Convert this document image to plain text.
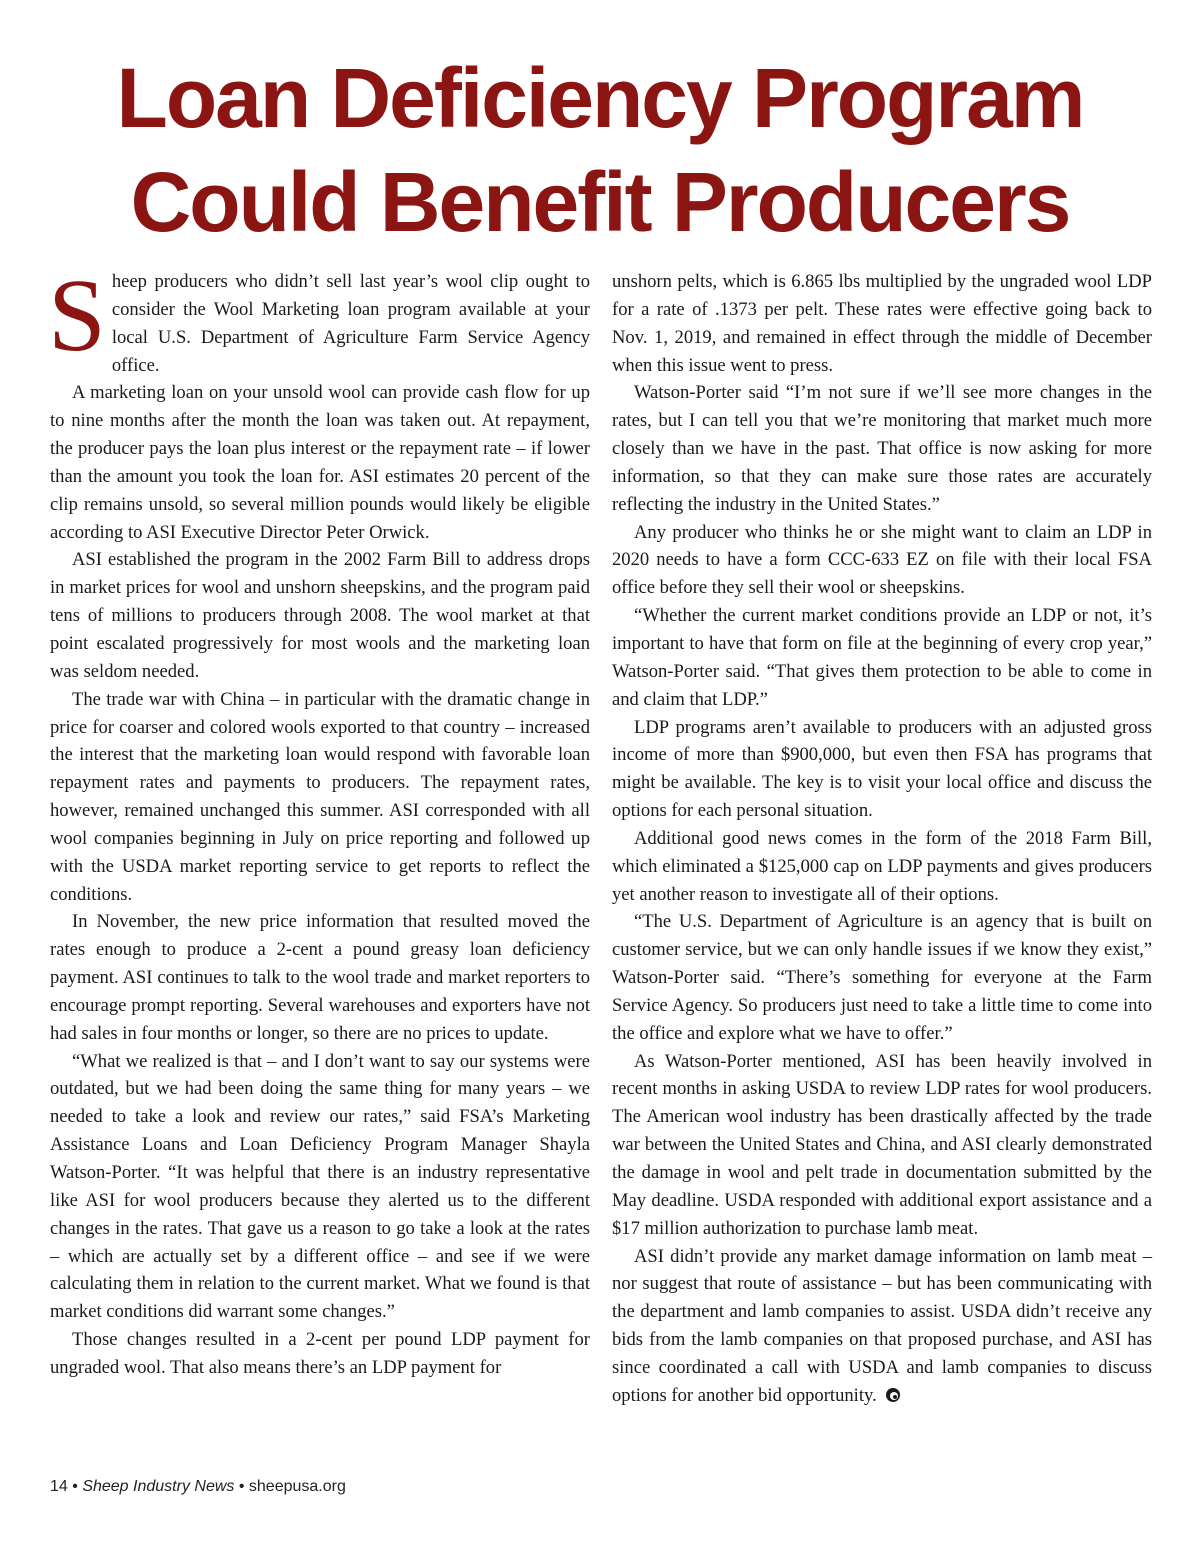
Loan Deficiency Program
Could Benefit Producers

Sheep producers who didn’t sell last year’s wool clip ought to consider the Wool Marketing loan program available at your local U.S. Department of Agriculture Farm Service Agency office.

A marketing loan on your unsold wool can provide cash flow for up to nine months after the month the loan was taken out. At repayment, the producer pays the loan plus interest or the repayment rate – if lower than the amount you took the loan for. ASI estimates 20 percent of the clip remains unsold, so several million pounds would likely be eligible according to ASI Executive Director Peter Orwick.

ASI established the program in the 2002 Farm Bill to address drops in market prices for wool and unshorn sheepskins, and the program paid tens of millions to producers through 2008. The wool market at that point escalated progressively for most wools and the marketing loan was seldom needed.

The trade war with China – in particular with the dramatic change in price for coarser and colored wools exported to that country – increased the interest that the marketing loan would respond with favorable loan repayment rates and payments to producers. The repayment rates, however, remained unchanged this summer. ASI corresponded with all wool companies beginning in July on price reporting and followed up with the USDA market reporting service to get reports to reflect the conditions.

In November, the new price information that resulted moved the rates enough to produce a 2-cent a pound greasy loan deficiency payment. ASI continues to talk to the wool trade and market reporters to encourage prompt reporting. Several warehouses and exporters have not had sales in four months or longer, so there are no prices to update.

“What we realized is that – and I don’t want to say our systems were outdated, but we had been doing the same thing for many years – we needed to take a look and review our rates,” said FSA’s Marketing Assistance Loans and Loan Deficiency Program Manager Shayla Watson-Porter. “It was helpful that there is an industry representative like ASI for wool producers because they alerted us to the different changes in the rates. That gave us a reason to go take a look at the rates – which are actually set by a different office – and see if we were calculating them in relation to the current market. What we found is that market conditions did warrant some changes.”

Those changes resulted in a 2-cent per pound LDP payment for ungraded wool. That also means there’s an LDP payment for

unshorn pelts, which is 6.865 lbs multiplied by the ungraded wool LDP for a rate of .1373 per pelt. These rates were effective going back to Nov. 1, 2019, and remained in effect through the middle of December when this issue went to press.

Watson-Porter said “I’m not sure if we’ll see more changes in the rates, but I can tell you that we’re monitoring that market much more closely than we have in the past. That office is now asking for more information, so that they can make sure those rates are accurately reflecting the industry in the United States.”

Any producer who thinks he or she might want to claim an LDP in 2020 needs to have a form CCC-633 EZ on file with their local FSA office before they sell their wool or sheepskins.

“Whether the current market conditions provide an LDP or not, it’s important to have that form on file at the beginning of every crop year,” Watson-Porter said. “That gives them protection to be able to come in and claim that LDP.”

LDP programs aren’t available to producers with an adjusted gross income of more than $900,000, but even then FSA has programs that might be available. The key is to visit your local office and discuss the options for each personal situation.

Additional good news comes in the form of the 2018 Farm Bill, which eliminated a $125,000 cap on LDP payments and gives producers yet another reason to investigate all of their options.

“The U.S. Department of Agriculture is an agency that is built on customer service, but we can only handle issues if we know they exist,” Watson-Porter said. “There’s something for everyone at the Farm Service Agency. So producers just need to take a little time to come into the office and explore what we have to offer.”

As Watson-Porter mentioned, ASI has been heavily involved in recent months in asking USDA to review LDP rates for wool producers. The American wool industry has been drastically affected by the trade war between the United States and China, and ASI clearly demonstrated the damage in wool and pelt trade in documentation submitted by the May deadline. USDA responded with additional export assistance and a $17 million authorization to purchase lamb meat.

ASI didn’t provide any market damage information on lamb meat – nor suggest that route of assistance – but has been communicating with the department and lamb companies to assist. USDA didn’t receive any bids from the lamb companies on that proposed purchase, and ASI has since coordinated a call with USDA and lamb companies to discuss options for another bid opportunity.

14 • Sheep Industry News • sheepusa.org
